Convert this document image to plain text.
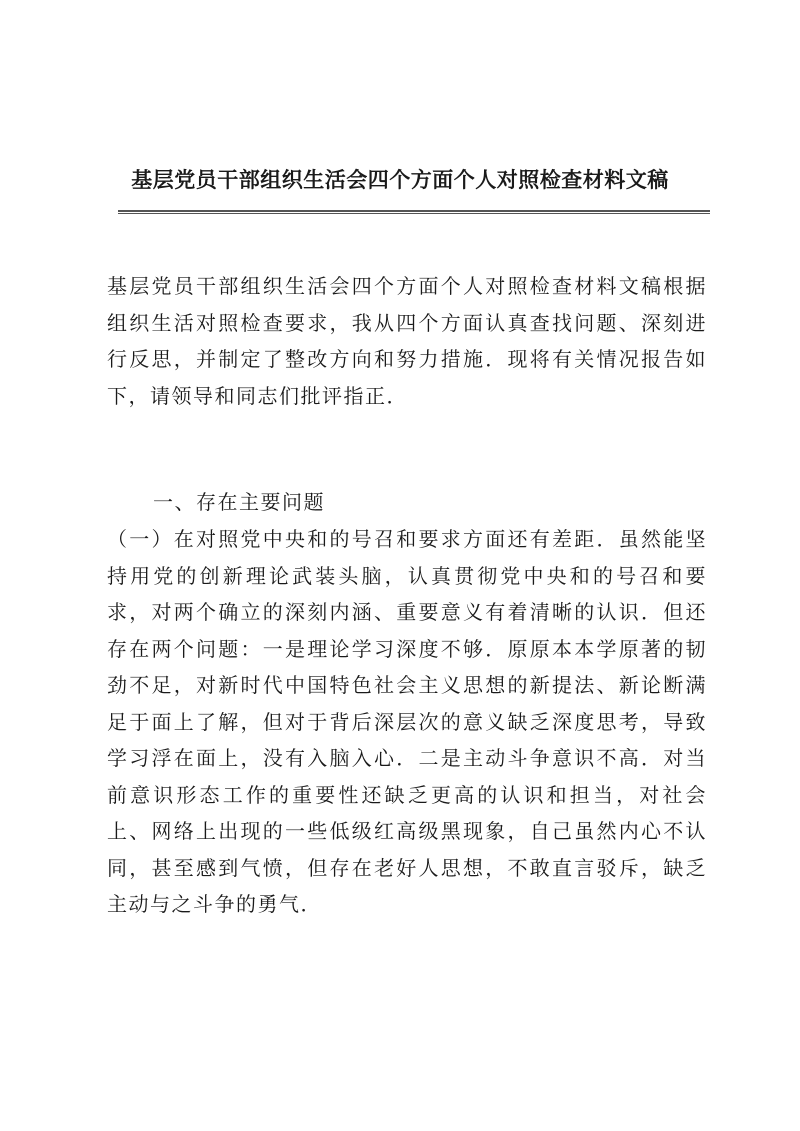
基层党员干部组织生活会四个方面个人对照检查材料文稿

基层党员干部组织生活会四个方面个人对照检查材料文稿根据组织生活对照检查要求，我从四个方面认真查找问题、深刻进行反思，并制定了整改方向和努力措施．现将有关情况报告如下，请领导和同志们批评指正．

一、存在主要问题

（一）在对照党中央和的号召和要求方面还有差距．虽然能坚持用党的创新理论武装头脑，认真贯彻党中央和的号召和要求，对两个确立的深刻内涵、重要意义有着清晰的认识．但还存在两个问题：一是理论学习深度不够．原原本本学原著的韧劲不足，对新时代中国特色社会主义思想的新提法、新论断满足于面上了解，但对于背后深层次的意义缺乏深度思考，导致学习浮在面上，没有入脑入心．二是主动斗争意识不高．对当前意识形态工作的重要性还缺乏更高的认识和担当，对社会上、网络上出现的一些低级红高级黑现象，自己虽然内心不认同，甚至感到气愤，但存在老好人思想，不敢直言驳斥，缺乏主动与之斗争的勇气．
